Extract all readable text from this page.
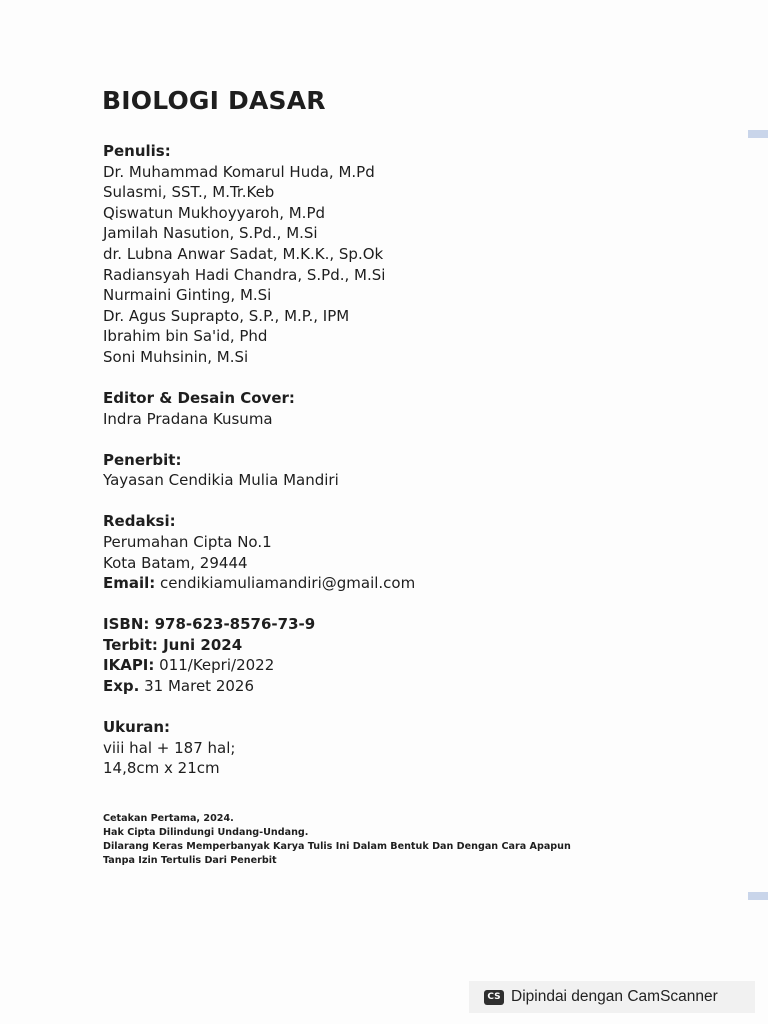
BIOLOGI DASAR
Penulis:
Dr. Muhammad Komarul Huda, M.Pd
Sulasmi, SST., M.Tr.Keb
Qiswatun Mukhoyyaroh, M.Pd
Jamilah Nasution, S.Pd., M.Si
dr. Lubna Anwar Sadat, M.K.K., Sp.Ok
Radiansyah Hadi Chandra, S.Pd., M.Si
Nurmaini Ginting, M.Si
Dr. Agus Suprapto, S.P., M.P., IPM
Ibrahim bin Sa'id, Phd
Soni Muhsinin, M.Si
Editor & Desain Cover:
Indra Pradana Kusuma
Penerbit:
Yayasan Cendikia Mulia Mandiri
Redaksi:
Perumahan Cipta No.1
Kota Batam, 29444
Email: cendikiamuliamandiri@gmail.com
ISBN: 978-623-8576-73-9
Terbit: Juni 2024
IKAPI: 011/Kepri/2022
Exp. 31 Maret 2026
Ukuran:
viii hal + 187 hal;
14,8cm x 21cm
Cetakan Pertama, 2024.
Hak Cipta Dilindungi Undang-Undang.
Dilarang Keras Memperbanyak Karya Tulis Ini Dalam Bentuk Dan Dengan Cara Apapun
Tanpa Izin Tertulis Dari Penerbit
CS Dipindai dengan CamScanner
